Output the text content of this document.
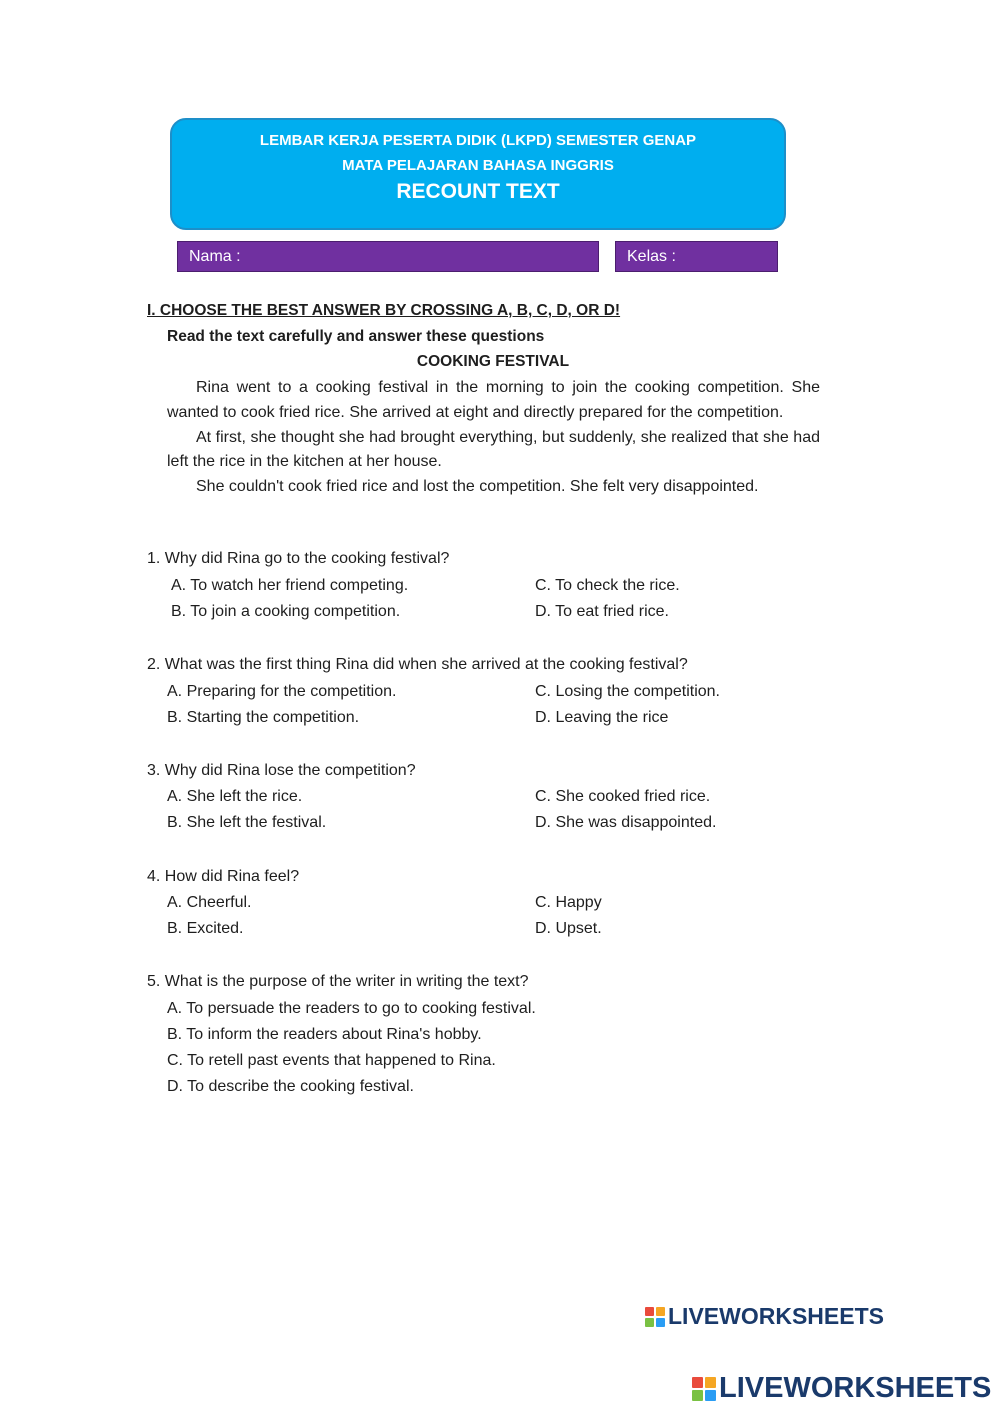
LEMBAR KERJA PESERTA DIDIK (LKPD) SEMESTER GENAP
MATA PELAJARAN BAHASA INGGRIS
RECOUNT TEXT
Nama :	Kelas :
I. CHOOSE THE BEST ANSWER BY CROSSING A, B, C, D, OR D!
Read the text carefully and answer these questions
COOKING FESTIVAL

Rina went to a cooking festival in the morning to join the cooking competition. She wanted to cook fried rice. She arrived at eight and directly prepared for the competition.

At first, she thought she had brought everything, but suddenly, she realized that she had left the rice in the kitchen at her house.

She couldn't cook fried rice and lost the competition. She felt very disappointed.

1. Why did Rina go to the cooking festival?
A. To watch her friend competing.
B. To join a cooking competition.
C. To check the rice.
D. To eat fried rice.
2. What was the first thing Rina did when she arrived at the cooking festival?
A. Preparing for the competition.
B. Starting the competition.
C. Losing the competition.
D. Leaving the rice
3. Why did Rina lose the competition?
A. She left the rice.
B. She left the festival.
C. She cooked fried rice.
D. She was disappointed.
4. How did Rina feel?
A. Cheerful.
B. Excited.
C. Happy
D. Upset.
5. What is the purpose of the writer in writing the text?
A. To persuade the readers to go to cooking festival.
B. To inform the readers about Rina's hobby.
C. To retell past events that happened to Rina.
D. To describe the cooking festival.
LIVEWORKSHEETS
LIVEWORKSHEETS
